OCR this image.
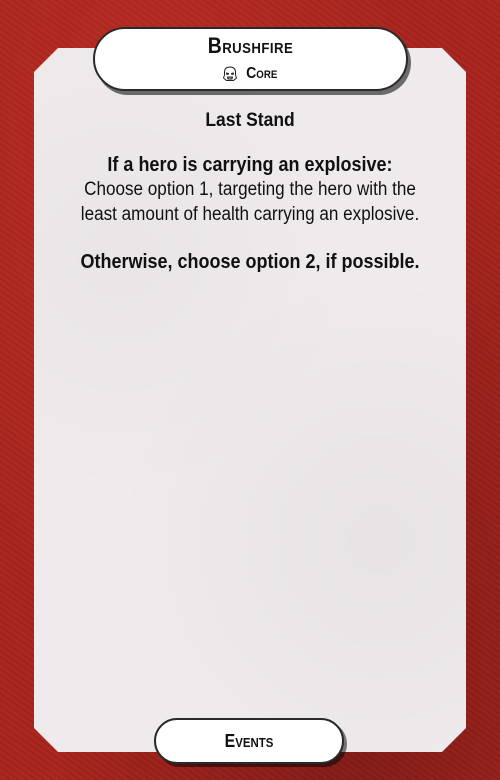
Brushfire
Core

Last Stand

If a hero is carrying an explosive:

Choose option 1, targeting the hero with the least amount of health carrying an explosive.

Otherwise, choose option 2, if possible.

Events
